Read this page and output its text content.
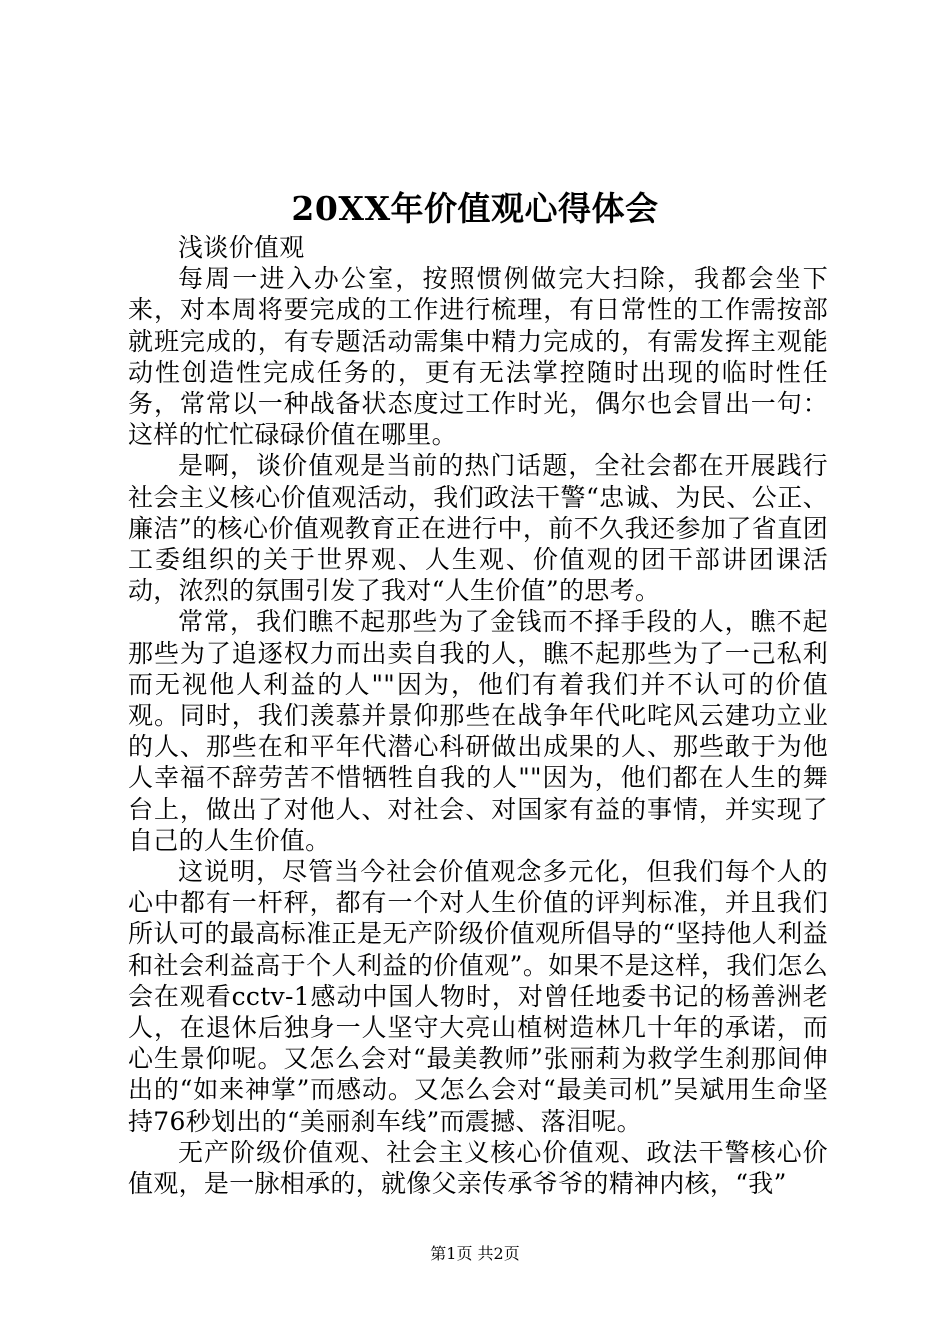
20XX年价值观心得体会

浅谈价值观

每周一进入办公室，按照惯例做完大扫除，我都会坐下来，对本周将要完成的工作进行梳理，有日常性的工作需按部就班完成的，有专题活动需集中精力完成的，有需发挥主观能动性创造性完成任务的，更有无法掌控随时出现的临时性任务，常常以一种战备状态度过工作时光，偶尔也会冒出一句：这样的忙忙碌碌价值在哪里。

是啊，谈价值观是当前的热门话题，全社会都在开展践行社会主义核心价值观活动，我们政法干警“忠诚、为民、公正、廉洁”的核心价值观教育正在进行中，前不久我还参加了省直团工委组织的关于世界观、人生观、价值观的团干部讲团课活动，浓烈的氛围引发了我对“人生价值”的思考。

常常，我们瞧不起那些为了金钱而不择手段的人，瞧不起那些为了追逐权力而出卖自我的人，瞧不起那些为了一己私利而无视他人利益的人""因为，他们有着我们并不认可的价值观。同时，我们羡慕并景仰那些在战争年代叱咤风云建功立业的人、那些在和平年代潜心科研做出成果的人、那些敢于为他人幸福不辞劳苦不惜牺牲自我的人""因为，他们都在人生的舞台上，做出了对他人、对社会、对国家有益的事情，并实现了自己的人生价值。

这说明，尽管当今社会价值观念多元化，但我们每个人的心中都有一杆秤，都有一个对人生价值的评判标准，并且我们所认可的最高标准正是无产阶级价值观所倡导的“坚持他人利益和社会利益高于个人利益的价值观”。如果不是这样，我们怎么会在观看cctv-1感动中国人物时，对曾任地委书记的杨善洲老人，在退休后独身一人坚守大亮山植树造林几十年的承诺，而心生景仰呢。又怎么会对“最美教师”张丽莉为救学生刹那间伸出的“如来神掌”而感动。又怎么会对“最美司机”吴斌用生命坚持76秒划出的“美丽刹车线”而震撼、落泪呢。

无产阶级价值观、社会主义核心价值观、政法干警核心价值观，是一脉相承的，就像父亲传承爷爷的精神内核，“我”

第1页 共2页
